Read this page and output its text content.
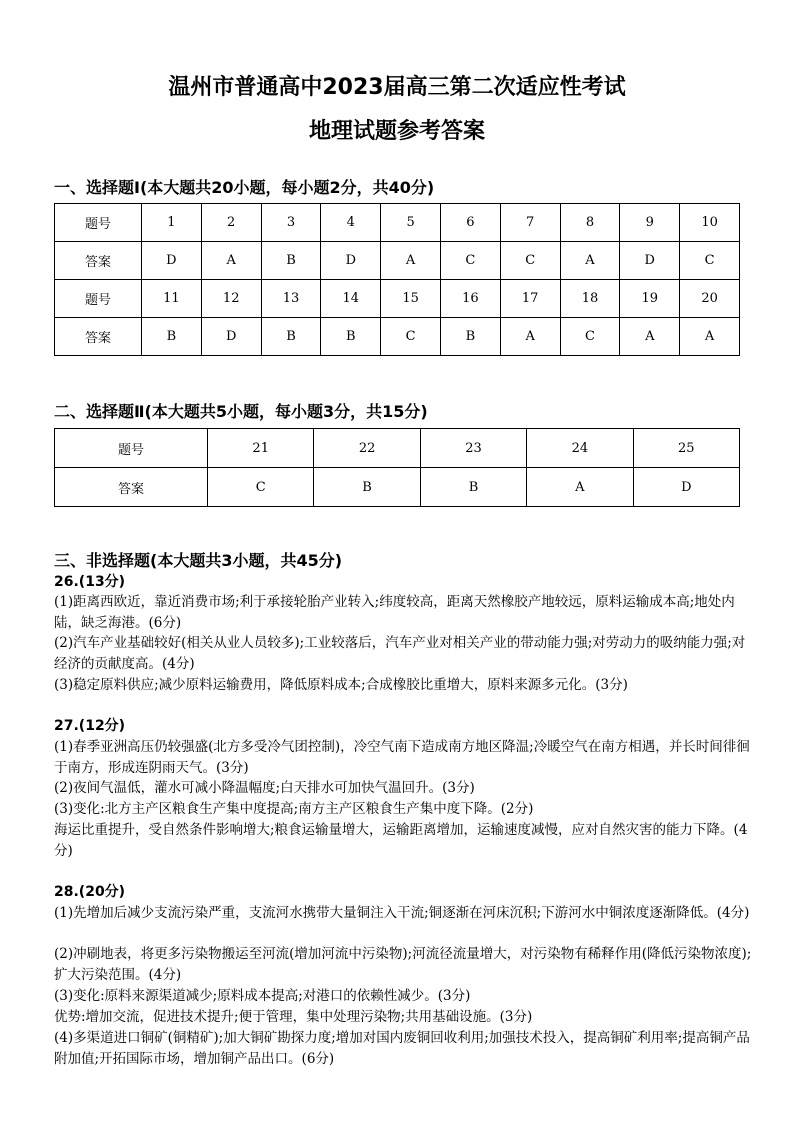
温州市普通高中2023届高三第二次适应性考试
地理试题参考答案
一、选择题Ⅰ(本大题共20小题，每小题2分，共40分)
题号	1	2	3	4	5	6	7	8	9	10
答案	D	A	B	D	A	C	C	A	D	C
题号	11	12	13	14	15	16	17	18	19	20
答案	B	D	B	B	C	B	A	C	A	A
二、选择题Ⅱ(本大题共5小题，每小题3分，共15分)
题号	21	22	23	24	25
答案	C	B	B	A	D
三、非选择题(本大题共3小题，共45分)
26.(13分)
(1)距离西欧近，靠近消费市场;利于承接轮胎产业转入;纬度较高，距离天然橡胶产地较远，原料运输成本高;地处内陆，缺乏海港。(6分)
(2)汽车产业基础较好(相关从业人员较多);工业较落后，汽车产业对相关产业的带动能力强;对劳动力的吸纳能力强;对经济的贡献度高。(4分)
(3)稳定原料供应;减少原料运输费用，降低原料成本;合成橡胶比重增大，原料来源多元化。(3分)
27.(12分)
(1)春季亚洲高压仍较强盛(北方多受冷气团控制)，冷空气南下造成南方地区降温;冷暖空气在南方相遇，并长时间徘徊于南方，形成连阴雨天气。(3分)
(2)夜间气温低，灌水可减小降温幅度;白天排水可加快气温回升。(3分)
(3)变化:北方主产区粮食生产集中度提高;南方主产区粮食生产集中度下降。(2分)
海运比重提升，受自然条件影响增大;粮食运输量增大，运输距离增加，运输速度减慢，应对自然灾害的能力下降。(4分)
28.(20分)
(1)先增加后减少支流污染严重，支流河水携带大量铜注入干流;铜逐渐在河床沉积;下游河水中铜浓度逐渐降低。(4分)
(2)冲刷地表，将更多污染物搬运至河流(增加河流中污染物);河流径流量增大，对污染物有稀释作用(降低污染物浓度);扩大污染范围。(4分)
(3)变化:原料来源渠道减少;原料成本提高;对港口的依赖性减少。(3分)
优势:增加交流，促进技术提升;便于管理，集中处理污染物;共用基础设施。(3分)
(4)多渠道进口铜矿(铜精矿);加大铜矿勘探力度;增加对国内废铜回收利用;加强技术投入，提高铜矿利用率;提高铜产品附加值;开拓国际市场，增加铜产品出口。(6分)
